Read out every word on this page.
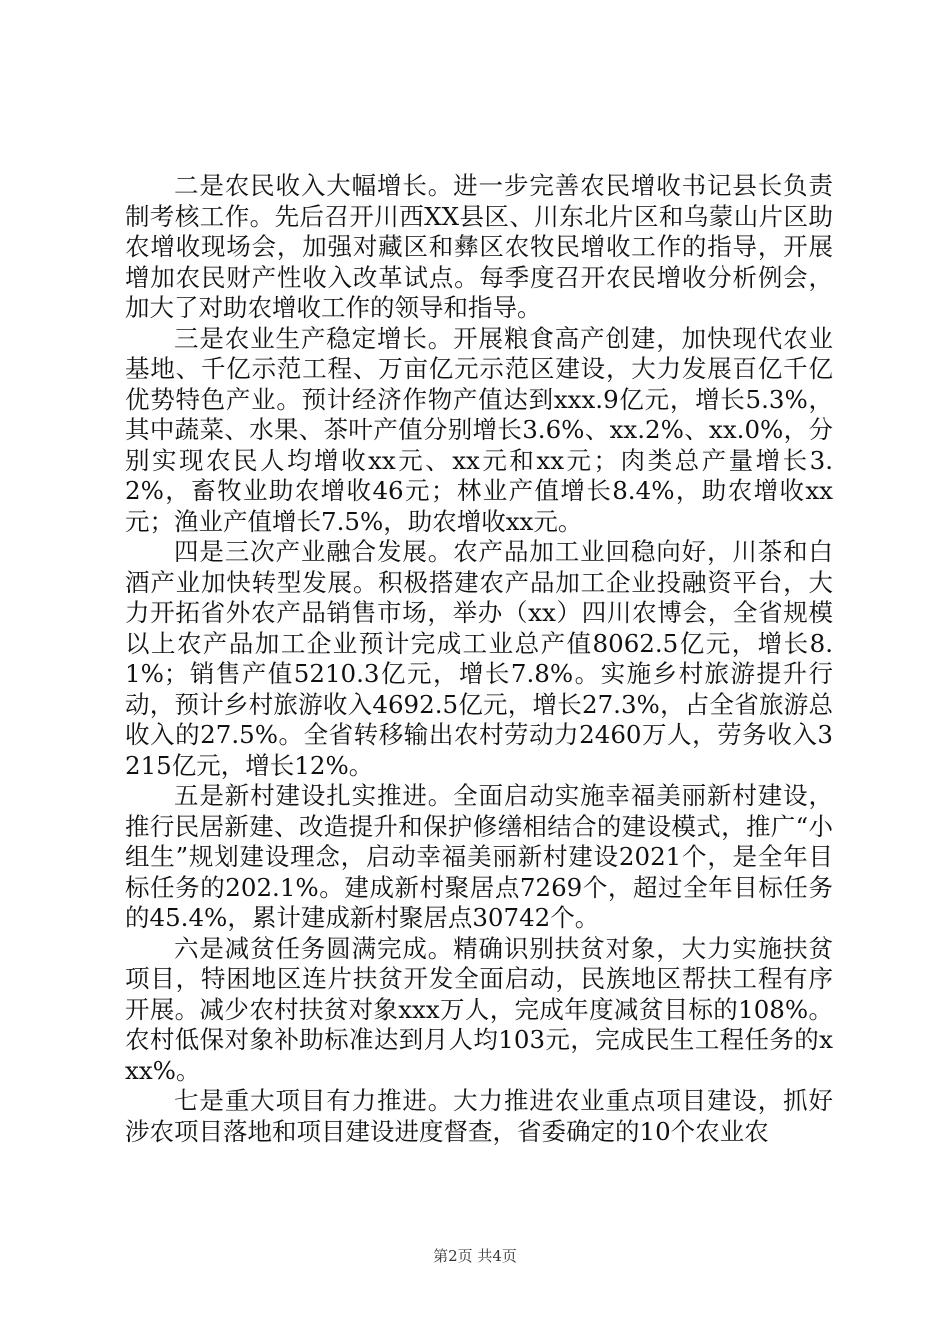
二是农民收入大幅增长。进一步完善农民增收书记县长负责制考核工作。先后召开川西XX县区、川东北片区和乌蒙山片区助农增收现场会，加强对藏区和彝区农牧民增收工作的指导，开展增加农民财产性收入改革试点。每季度召开农民增收分析例会，加大了对助农增收工作的领导和指导。

三是农业生产稳定增长。开展粮食高产创建，加快现代农业基地、千亿示范工程、万亩亿元示范区建设，大力发展百亿千亿优势特色产业。预计经济作物产值达到xxx.9亿元，增长5.3%，其中蔬菜、水果、茶叶产值分别增长3.6%、xx.2%、xx.0%，分别实现农民人均增收xx元、xx元和xx元；肉类总产量增长3.2%，畜牧业助农增收46元；林业产值增长8.4%，助农增收xx元；渔业产值增长7.5%，助农增收xx元。

四是三次产业融合发展。农产品加工业回稳向好，川茶和白酒产业加快转型发展。积极搭建农产品加工企业投融资平台，大力开拓省外农产品销售市场，举办（xx）四川农博会，全省规模以上农产品加工企业预计完成工业总产值8062.5亿元，增长8.1%；销售产值5210.3亿元，增长7.8%。实施乡村旅游提升行动，预计乡村旅游收入4692.5亿元，增长27.3%，占全省旅游总收入的27.5%。全省转移输出农村劳动力2460万人，劳务收入3215亿元，增长12%。

五是新村建设扎实推进。全面启动实施幸福美丽新村建设，推行民居新建、改造提升和保护修缮相结合的建设模式，推广“小组生”规划建设理念，启动幸福美丽新村建设2021个，是全年目标任务的202.1%。建成新村聚居点7269个，超过全年目标任务的45.4%，累计建成新村聚居点30742个。

六是减贫任务圆满完成。精确识别扶贫对象，大力实施扶贫项目，特困地区连片扶贫开发全面启动，民族地区帮扶工程有序开展。减少农村扶贫对象xxx万人，完成年度减贫目标的108%。农村低保对象补助标准达到月人均103元，完成民生工程任务的xxx%。

七是重大项目有力推进。大力推进农业重点项目建设，抓好涉农项目落地和项目建设进度督查，省委确定的10个农业农

第2页 共4页
